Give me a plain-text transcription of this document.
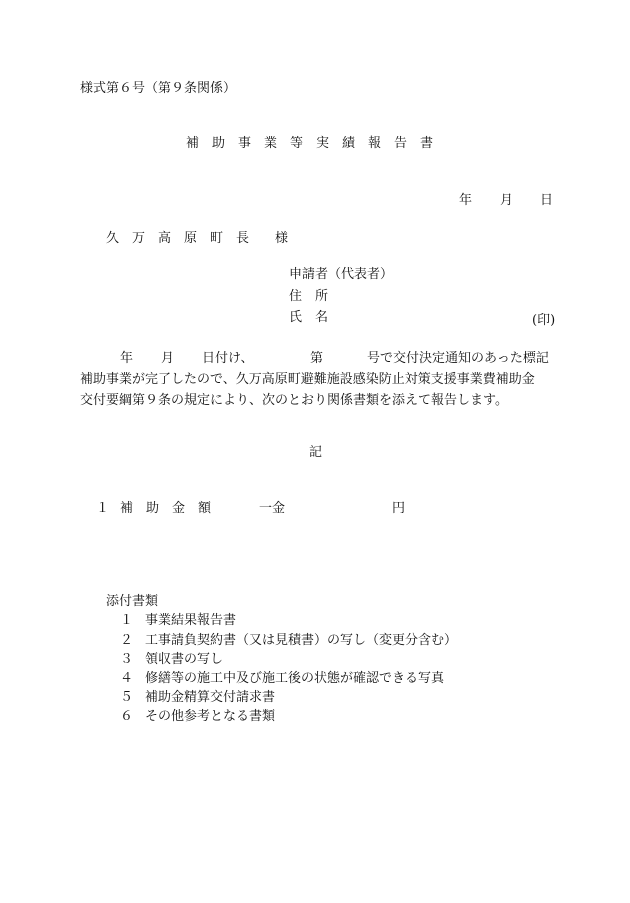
様式第６号（第９条関係）
補　助　事　業　等　実　績　報　告　書
年 月 日
久　万　高　原　町　長　　様
申請者（代表者）
住　所
氏　名	(印)
年 月 日付け、	第	号で交付決定通知のあった標記
補助事業が完了したので、久万高原町避難施設感染防止対策支援事業費補助金
交付要綱第９条の規定により、次のとおり関係書類を添えて報告します。
記
１ 補　助　金　額	一金	円
添付書類
１ 事業結果報告書
２ 工事請負契約書（又は見積書）の写し（変更分含む）
３ 領収書の写し
４ 修繕等の施工中及び施工後の状態が確認できる写真
５ 補助金精算交付請求書
６ その他参考となる書類
